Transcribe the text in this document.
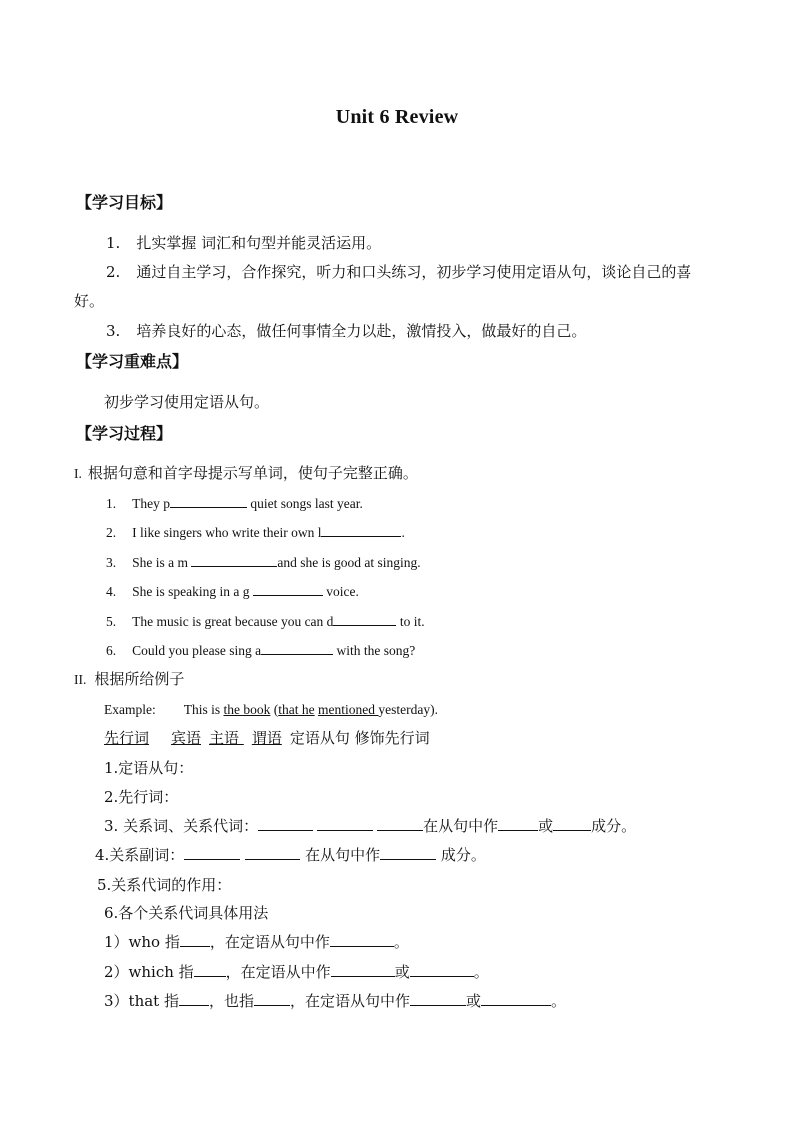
Unit 6 Review
【学习目标】
1. 扎实掌握 词汇和句型并能灵活运用。
2. 通过自主学习，合作探究，听力和口头练习，初步学习使用定语从句，谈论自己的喜
好。
3. 培养良好的心态，做任何事情全力以赴，激情投入，做最好的自己。
【学习重难点】
初步学习使用定语从句。
【学习过程】
I. 根据句意和首字母提示写单词，使句子完整正确。
1. They p	quiet songs last year.
2. I like singers who write their own l	.
3. She is a m	and she is good at singing.
4. She is speaking in a g	voice.
5. The music is great because you can d	to it.
6. Could you please sing a	with the song?
II. 根据所给例子
Example: This is the book (that he mentioned yesterday).
先行词 宾语 主语 谓语 定语从句 修饰先行词
1.定语从句：
2.先行词：
3. 关系词、关系代词：	在从句中作	或	成分。
4.关系副词：	在从句中作	成分。
5.关系代词的作用：
6.各个关系代词具体用法
1）who 指 ，在定语从句中作	。
2）which 指 ，在定语从中作	或	。
3）that 指 ，也指 ，在定语从句中作	或	。
